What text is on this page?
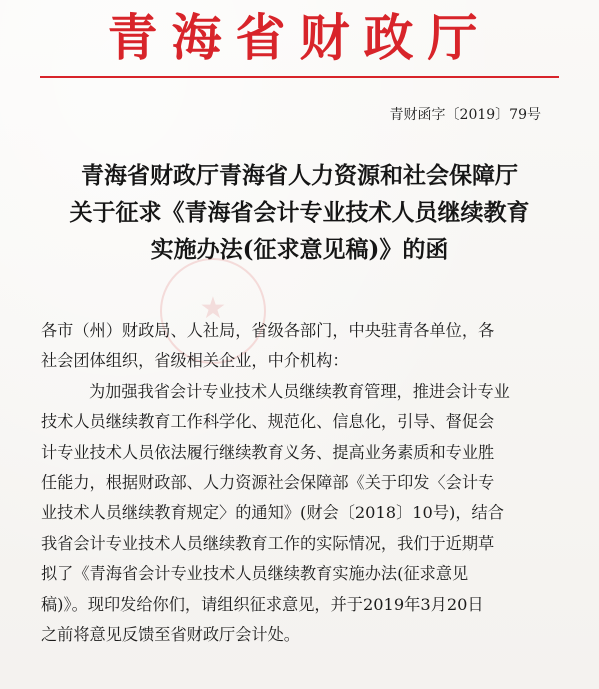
青海省财政厅
青财函字〔2019〕79号
青海省财政厅青海省人力资源和社会保障厅
关于征求《青海省会计专业技术人员继续教育
实施办法(征求意见稿)》的函
★
各市（州）财政局、人社局，省级各部门，中央驻青各单位，各
社会团体组织，省级相关企业，中介机构：
为加强我省会计专业技术人员继续教育管理，推进会计专业
技术人员继续教育工作科学化、规范化、信息化，引导、督促会
计专业技术人员依法履行继续教育义务、提高业务素质和专业胜
任能力，根据财政部、人力资源社会保障部《关于印发〈会计专
业技术人员继续教育规定〉的通知》(财会〔2018〕10号)，结合
我省会计专业技术人员继续教育工作的实际情况，我们于近期草
拟了《青海省会计专业技术人员继续教育实施办法(征求意见
稿)》。现印发给你们，请组织征求意见，并于2019年3月20日
之前将意见反馈至省财政厅会计处。
